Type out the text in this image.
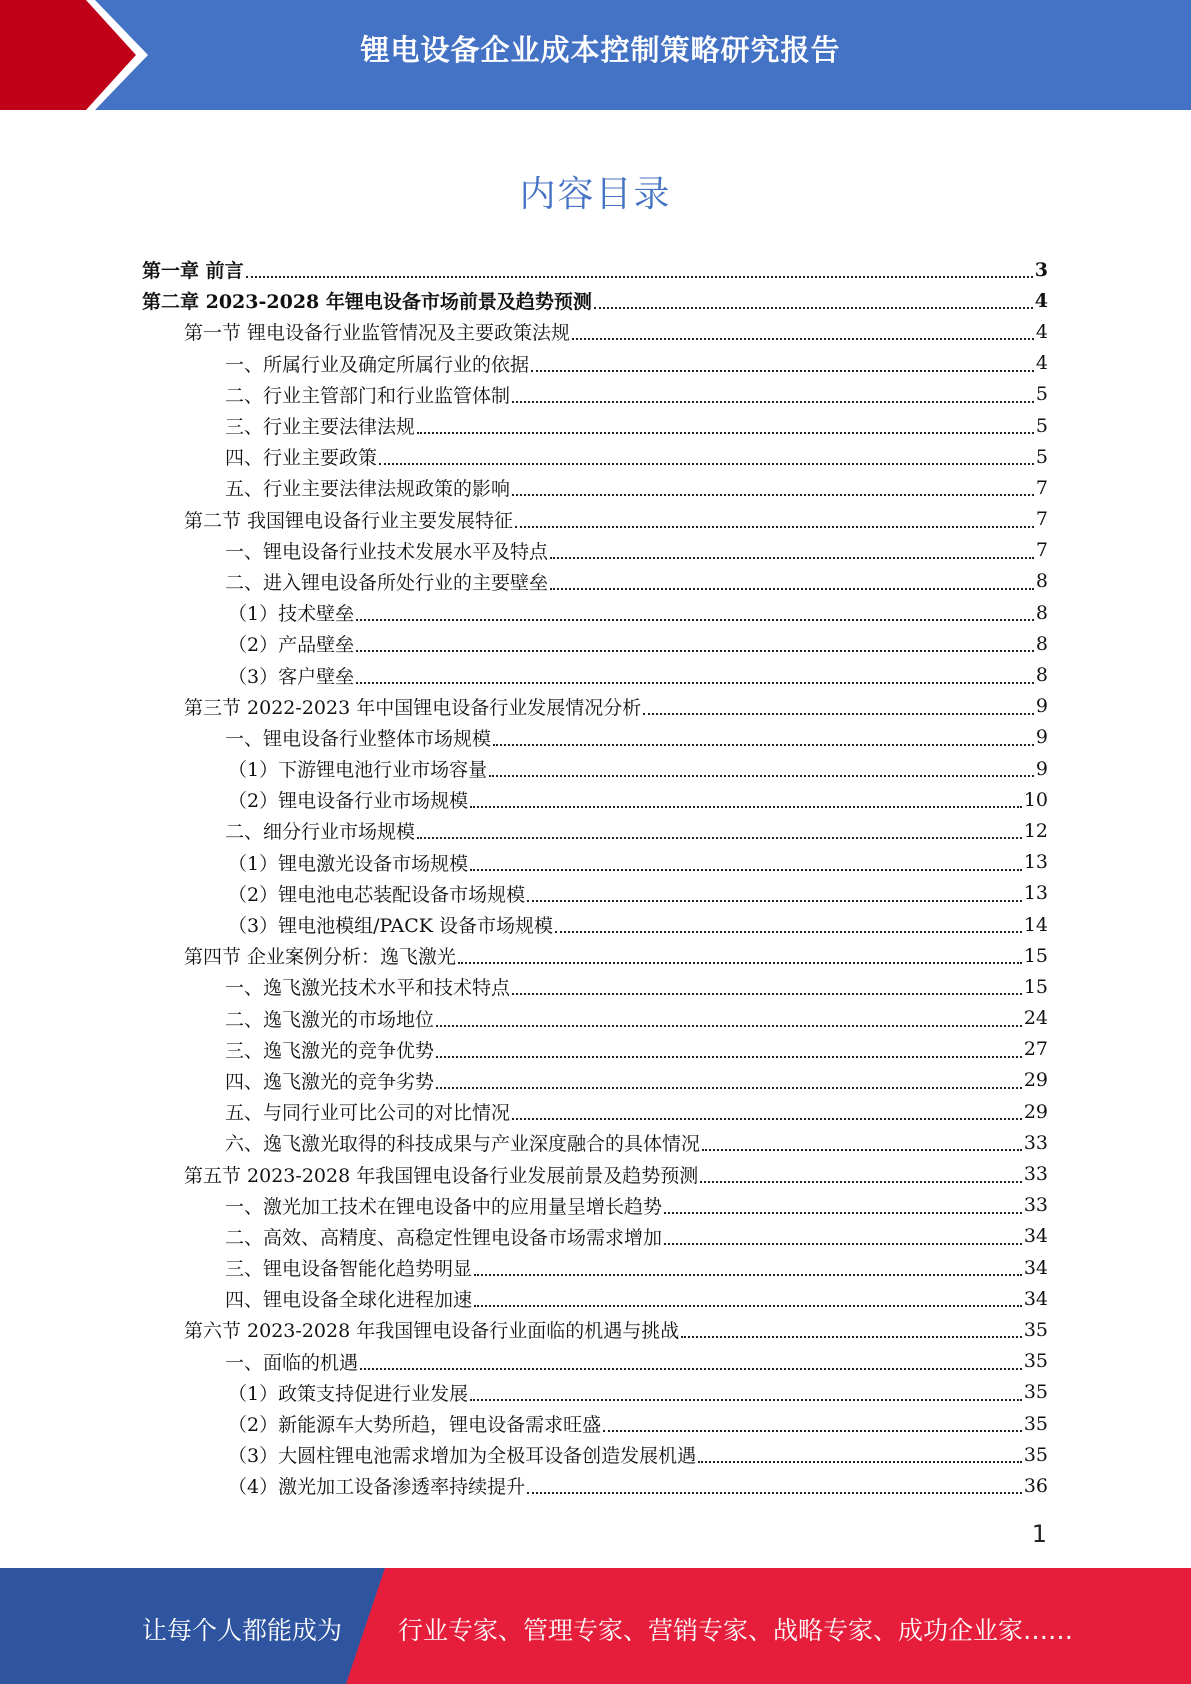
锂电设备企业成本控制策略研究报告
内容目录
第一章 前言	3
第二章 2023-2028 年锂电设备市场前景及趋势预测	4
第一节 锂电设备行业监管情况及主要政策法规	4
一、所属行业及确定所属行业的依据	4
二、行业主管部门和行业监管体制	5
三、行业主要法律法规	5
四、行业主要政策	5
五、行业主要法律法规政策的影响	7
第二节 我国锂电设备行业主要发展特征	7
一、锂电设备行业技术发展水平及特点	7
二、进入锂电设备所处行业的主要壁垒	8
（1）技术壁垒	8
（2）产品壁垒	8
（3）客户壁垒	8
第三节 2022-2023 年中国锂电设备行业发展情况分析	9
一、锂电设备行业整体市场规模	9
（1）下游锂电池行业市场容量	9
（2）锂电设备行业市场规模	10
二、细分行业市场规模	12
（1）锂电激光设备市场规模	13
（2）锂电池电芯装配设备市场规模	13
（3）锂电池模组/PACK 设备市场规模	14
第四节 企业案例分析：逸飞激光	15
一、逸飞激光技术水平和技术特点	15
二、逸飞激光的市场地位	24
三、逸飞激光的竞争优势	27
四、逸飞激光的竞争劣势	29
五、与同行业可比公司的对比情况	29
六、逸飞激光取得的科技成果与产业深度融合的具体情况	33
第五节 2023-2028 年我国锂电设备行业发展前景及趋势预测	33
一、激光加工技术在锂电设备中的应用量呈增长趋势	33
二、高效、高精度、高稳定性锂电设备市场需求增加	34
三、锂电设备智能化趋势明显	34
四、锂电设备全球化进程加速	34
第六节 2023-2028 年我国锂电设备行业面临的机遇与挑战	35
一、面临的机遇	35
（1）政策支持促进行业发展	35
（2）新能源车大势所趋，锂电设备需求旺盛	35
（3）大圆柱锂电池需求增加为全极耳设备创造发展机遇	35
（4）激光加工设备渗透率持续提升	36
1
让每个人都能成为 行业专家、管理专家、营销专家、战略专家、成功企业家……
